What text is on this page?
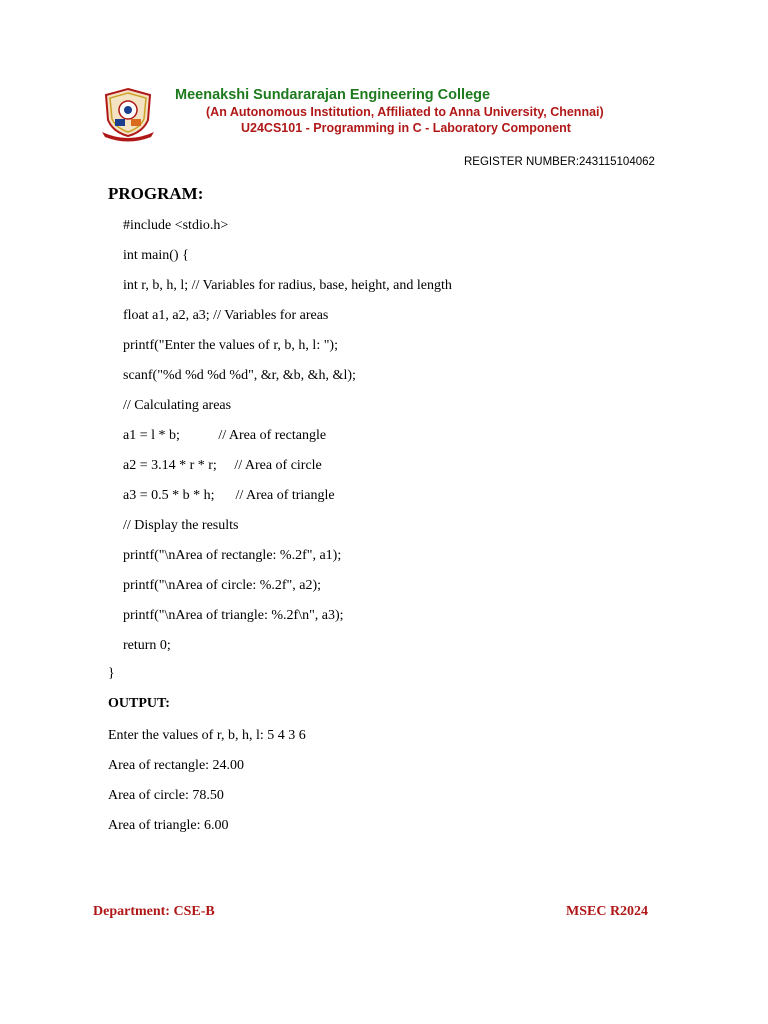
Meenakshi Sundararajan Engineering College
(An Autonomous Institution, Affiliated to Anna University, Chennai)
U24CS101 - Programming in C - Laboratory Component
REGISTER NUMBER:243115104062
PROGRAM:
#include <stdio.h>
int main() {
int r, b, h, l; // Variables for radius, base, height, and length
float a1, a2, a3; // Variables for areas
printf("Enter the values of r, b, h, l: ");
scanf("%d %d %d %d", &r, &b, &h, &l);
// Calculating areas
a1 = l * b;           // Area of rectangle
a2 = 3.14 * r * r;     // Area of circle
a3 = 0.5 * b * h;      // Area of triangle
// Display the results
printf("\nArea of rectangle: %.2f", a1);
printf("\nArea of circle: %.2f", a2);
printf("\nArea of triangle: %.2f\n", a3);
return 0;
}
OUTPUT:
Enter the values of r, b, h, l: 5 4 3 6
Area of rectangle: 24.00
Area of circle: 78.50
Area of triangle: 6.00
Department: CSE-B	MSEC R2024
